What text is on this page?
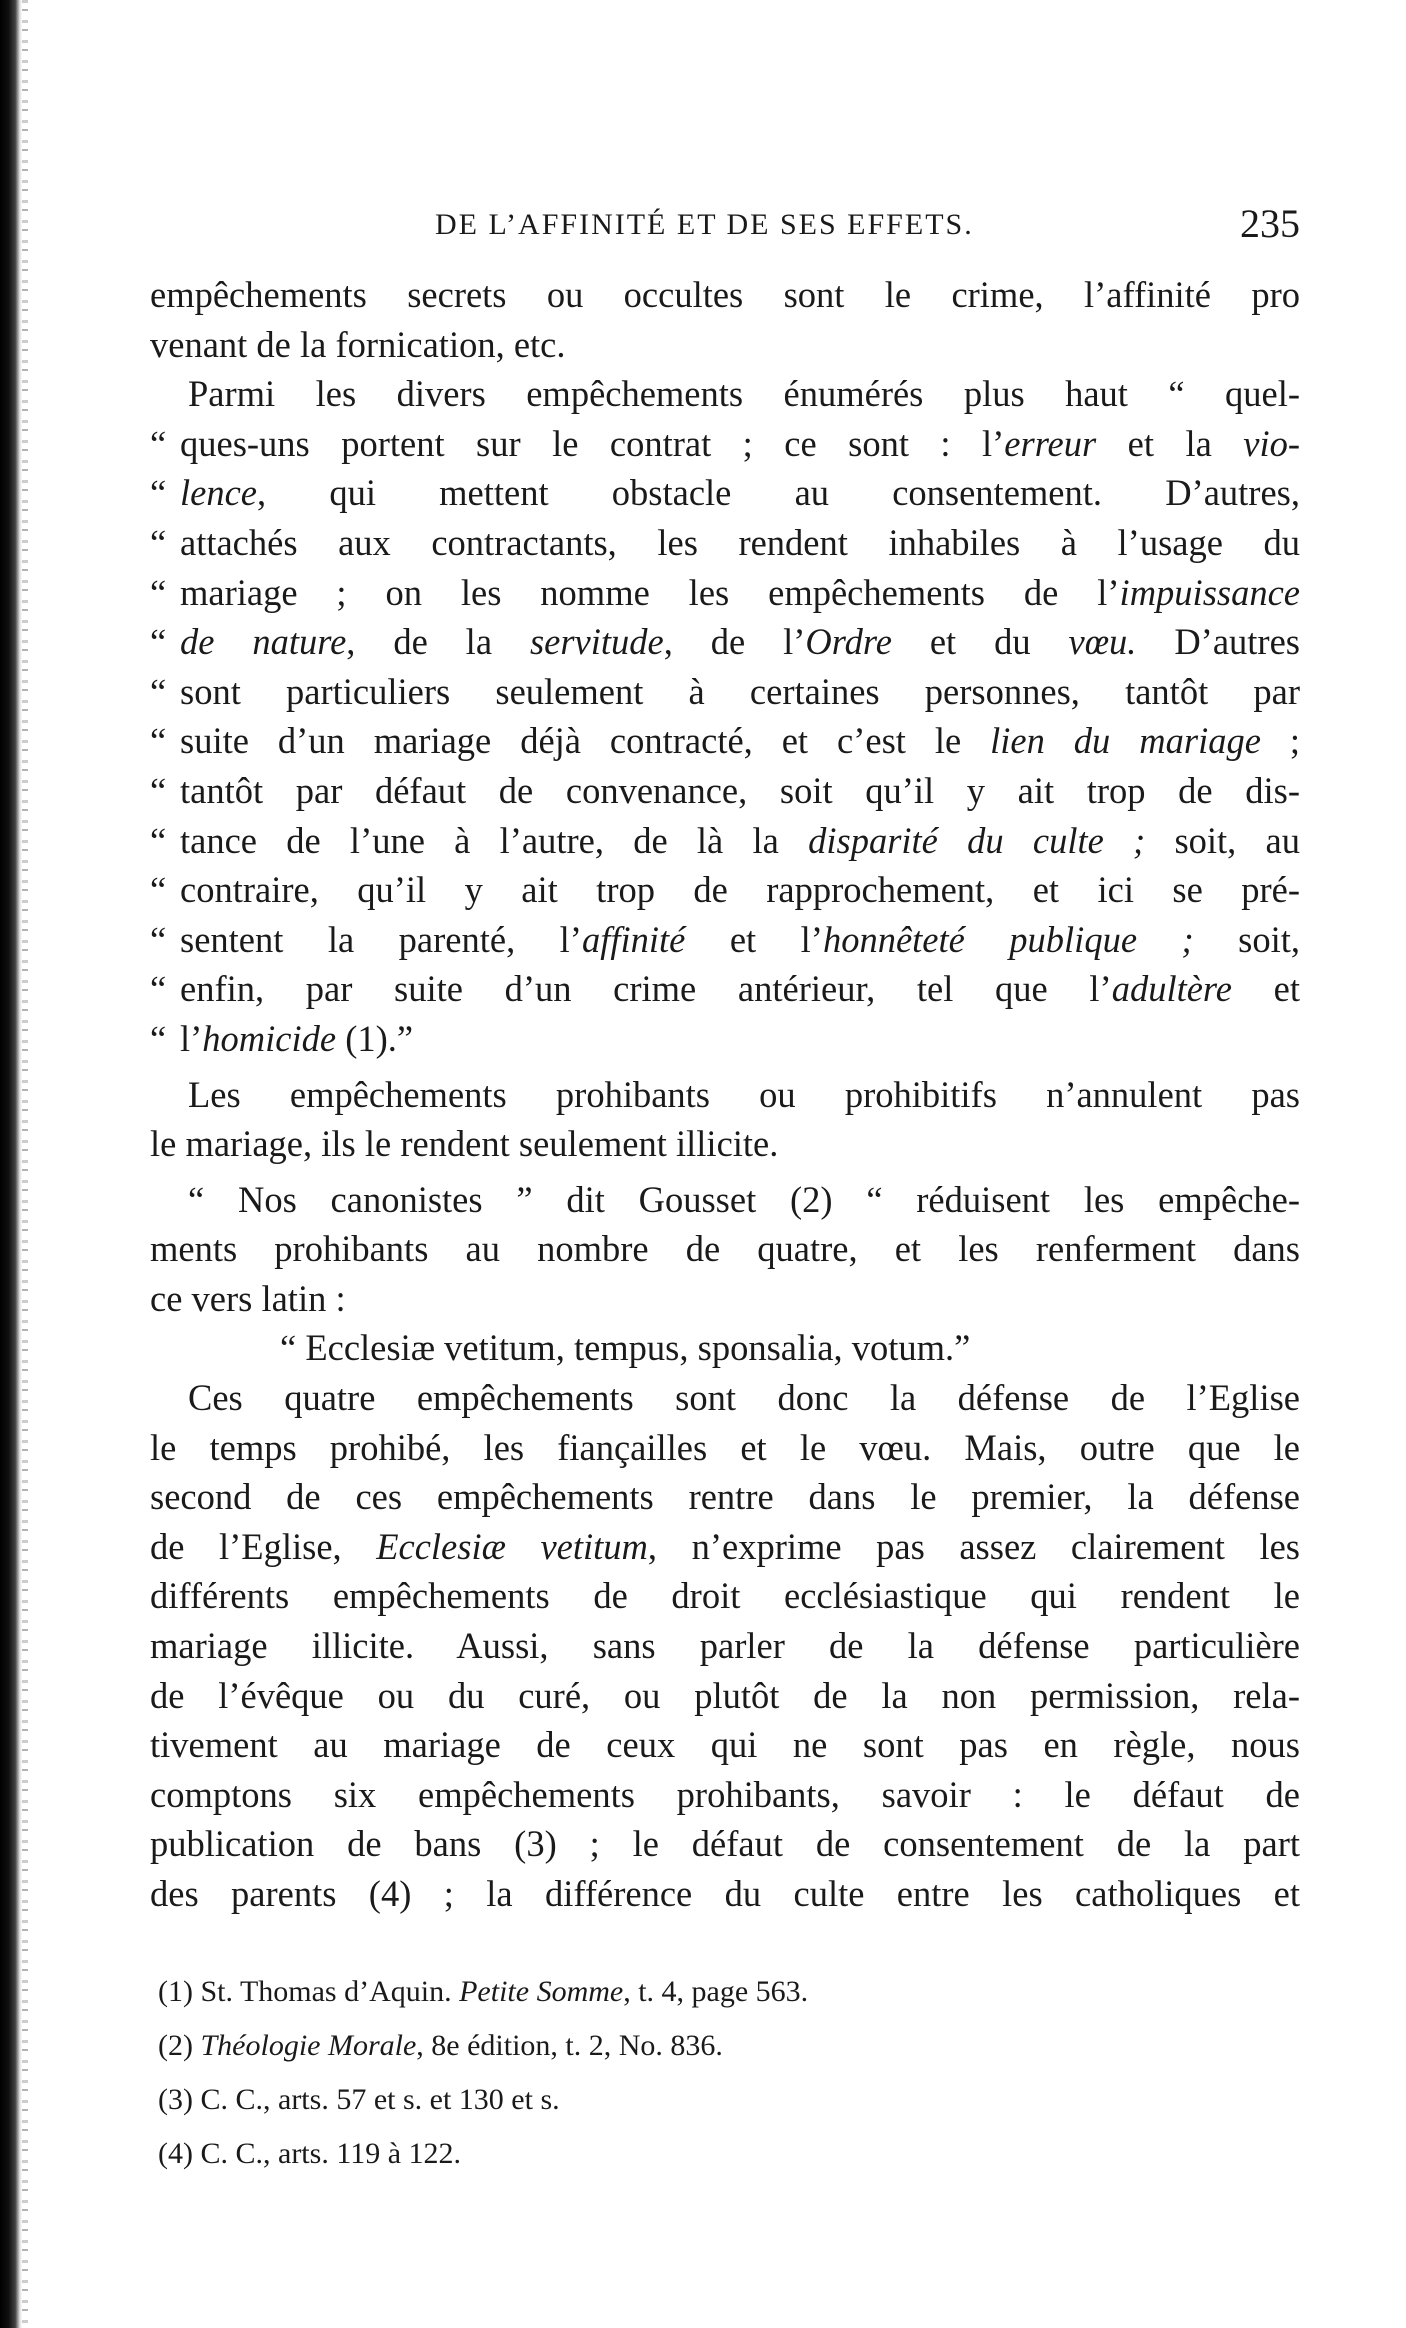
DE L’AFFINITÉ ET DE SES EFFETS.	235
empêchements secrets ou occultes sont le crime, l’affinité pro
venant de la fornication, etc.
Parmi les divers empêchements énumérés plus haut “ quel-
“ ques-uns portent sur le contrat ; ce sont : l’erreur et la vio-
“ lence, qui mettent obstacle au consentement. D’autres,
“ attachés aux contractants, les rendent inhabiles à l’usage du
“ mariage ; on les nomme les empêchements de l’impuissance
“ de nature, de la servitude, de l’Ordre et du vœu. D’autres
“ sont particuliers seulement à certaines personnes, tantôt par
“ suite d’un mariage déjà contracté, et c’est le lien du mariage ;
“ tantôt par défaut de convenance, soit qu’il y ait trop de dis-
“ tance de l’une à l’autre, de là la disparité du culte ; soit, au
“ contraire, qu’il y ait trop de rapprochement, et ici se pré-
“ sentent la parenté, l’affinité et l’honnêteté publique ; soit,
“ enfin, par suite d’un crime antérieur, tel que l’adultère et
“ l’homicide (1).”
Les empêchements prohibants ou prohibitifs n’annulent pas
le mariage, ils le rendent seulement illicite.
“ Nos canonistes ” dit Gousset (2) “ réduisent les empêche-
ments prohibants au nombre de quatre, et les renferment dans
ce vers latin :
“ Ecclesiæ vetitum, tempus, sponsalia, votum.”
Ces quatre empêchements sont donc la défense de l’Eglise
le temps prohibé, les fiançailles et le vœu. Mais, outre que le
second de ces empêchements rentre dans le premier, la défense
de l’Eglise, Ecclesiæ vetitum, n’exprime pas assez clairement les
différents empêchements de droit ecclésiastique qui rendent le
mariage illicite. Aussi, sans parler de la défense particulière
de l’évêque ou du curé, ou plutôt de la non permission, rela-
tivement au mariage de ceux qui ne sont pas en règle, nous
comptons six empêchements prohibants, savoir : le défaut de
publication de bans (3) ; le défaut de consentement de la part
des parents (4) ; la différence du culte entre les catholiques et
(1) St. Thomas d’Aquin. Petite Somme, t. 4, page 563.
(2) Théologie Morale, 8e édition, t. 2, No. 836.
(3) C. C., arts. 57 et s. et 130 et s.
(4) C. C., arts. 119 à 122.
